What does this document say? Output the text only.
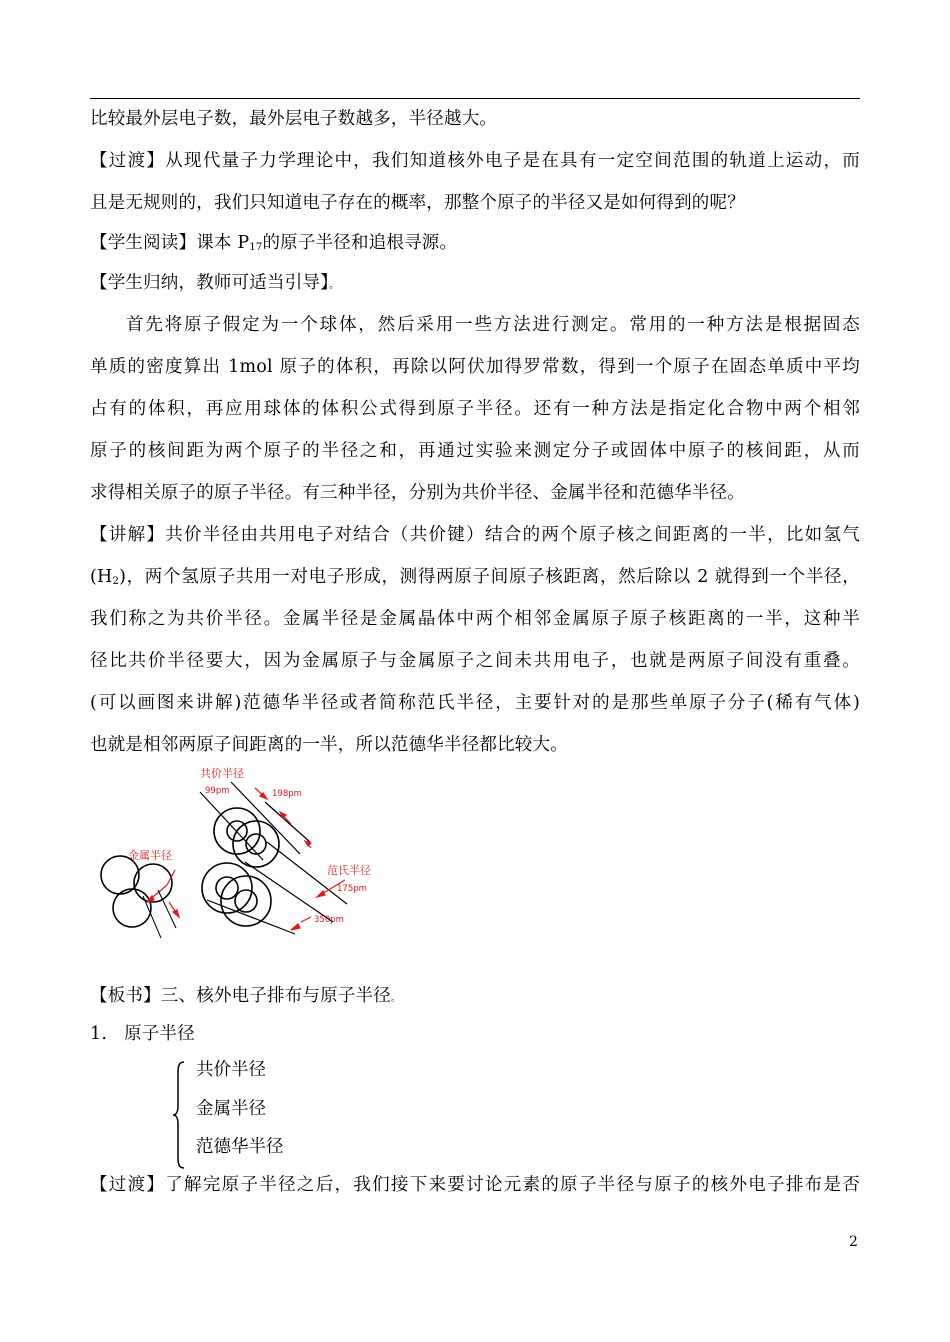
比较最外层电子数，最外层电子数越多，半径越大。
【过渡】从现代量子力学理论中，我们知道核外电子是在具有一定空间范围的轨道上运动，而
且是无规则的，我们只知道电子存在的概率，那整个原子的半径又是如何得到的呢？
【学生阅读】课本 $P_{17}$的原子半径和追根寻源。
【学生归纳，教师可适当引导】。
首先将原子假定为一个球体，然后采用一些方法进行测定。常用的一种方法是根据固态
单质的密度算出 1mol 原子的体积，再除以阿伏加得罗常数，得到一个原子在固态单质中平均
占有的体积，再应用球体的体积公式得到原子半径。还有一种方法是指定化合物中两个相邻
原子的核间距为两个原子的半径之和，再通过实验来测定分子或固体中原子的核间距，从而
求得相关原子的原子半径。有三种半径，分别为共价半径、金属半径和范德华半径。
【讲解】共价半径由共用电子对结合（共价键）结合的两个原子核之间距离的一半，比如氢气
$(H_2)$，两个氢原子共用一对电子形成，测得两原子间原子核距离，然后除以 2 就得到一个半径，
我们称之为共价半径。金属半径是金属晶体中两个相邻金属原子原子核距离的一半，这种半
径比共价半径要大，因为金属原子与金属原子之间未共用电子，也就是两原子间没有重叠。
(可以画图来讲解)范德华半径或者简称范氏半径，主要针对的是那些单原子分子(稀有气体)
也就是相邻两原子间距离的一半，所以范德华半径都比较大。
共价半径
99pm	198pm
金属半径
范氏半径
175pm
350pm
【板书】三、核外电子排布与原子半径。
1. 原子半径
共价半径
金属半径
范德华半径
【过渡】了解完原子半径之后，我们接下来要讨论元素的原子半径与原子的核外电子排布是否
2
